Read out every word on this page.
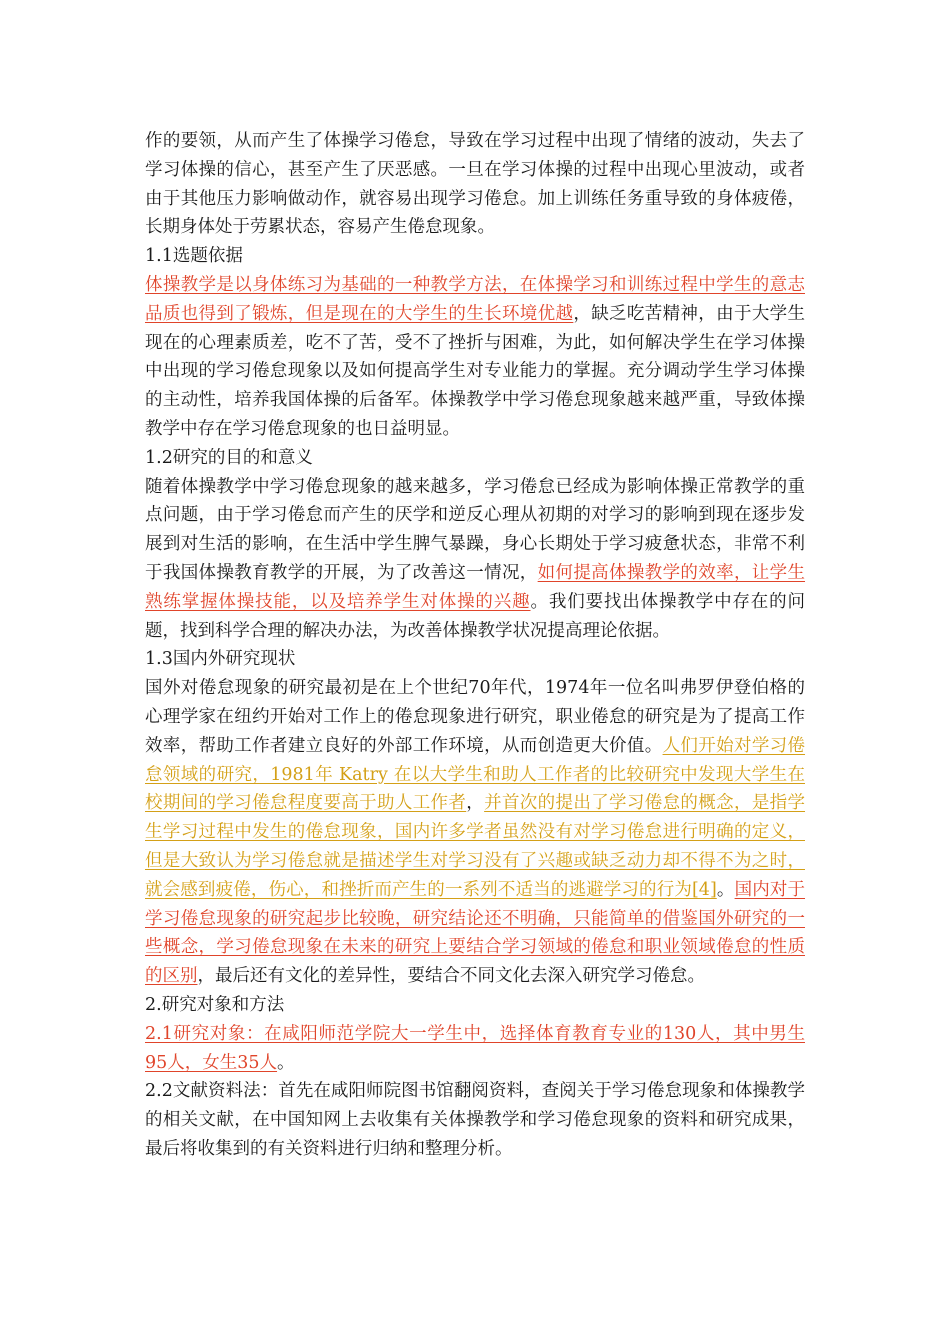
作的要领，从而产生了体操学习倦怠，导致在学习过程中出现了情绪的波动，失去了学习体操的信心，甚至产生了厌恶感。一旦在学习体操的过程中出现心里波动，或者由于其他压力影响做动作，就容易出现学习倦怠。加上训练任务重导致的身体疲倦，长期身体处于劳累状态，容易产生倦怠现象。

1.1选题依据

体操教学是以身体练习为基础的一种教学方法，在体操学习和训练过程中学生的意志品质也得到了锻炼，但是现在的大学生的生长环境优越，缺乏吃苦精神，由于大学生现在的心理素质差，吃不了苦，受不了挫折与困难，为此，如何解决学生在学习体操中出现的学习倦怠现象以及如何提高学生对专业能力的掌握。充分调动学生学习体操的主动性，培养我国体操的后备军。体操教学中学习倦怠现象越来越严重，导致体操教学中存在学习倦怠现象的也日益明显。

1.2研究的目的和意义

随着体操教学中学习倦怠现象的越来越多，学习倦怠已经成为影响体操正常教学的重点问题，由于学习倦怠而产生的厌学和逆反心理从初期的对学习的影响到现在逐步发展到对生活的影响，在生活中学生脾气暴躁，身心长期处于学习疲惫状态，非常不利于我国体操教育教学的开展，为了改善这一情况，如何提高体操教学的效率，让学生熟练掌握体操技能，以及培养学生对体操的兴趣。我们要找出体操教学中存在的问题，找到科学合理的解决办法，为改善体操教学状况提高理论依据。

1.3国内外研究现状

国外对倦怠现象的研究最初是在上个世纪70年代，1974年一位名叫弗罗伊登伯格的心理学家在纽约开始对工作上的倦怠现象进行研究，职业倦怠的研究是为了提高工作效率，帮助工作者建立良好的外部工作环境，从而创造更大价值。人们开始对学习倦怠领域的研究，1981年 Katry 在以大学生和助人工作者的比较研究中发现大学生在校期间的学习倦怠程度要高于助人工作者，并首次的提出了学习倦怠的概念，是指学生学习过程中发生的倦怠现象，国内许多学者虽然没有对学习倦怠进行明确的定义，但是大致认为学习倦怠就是描述学生对学习没有了兴趣或缺乏动力却不得不为之时，就会感到疲倦，伤心，和挫折而产生的一系列不适当的逃避学习的行为[4]。国内对于学习倦怠现象的研究起步比较晚，研究结论还不明确，只能简单的借鉴国外研究的一些概念，学习倦怠现象在未来的研究上要结合学习领域的倦怠和职业领域倦怠的性质的区别，最后还有文化的差异性，要结合不同文化去深入研究学习倦怠。

2.研究对象和方法

2.1研究对象：在咸阳师范学院大一学生中，选择体育教育专业的130人，其中男生95人，女生35人。

2.2文献资料法：首先在咸阳师院图书馆翻阅资料，查阅关于学习倦怠现象和体操教学的相关文献，在中国知网上去收集有关体操教学和学习倦怠现象的资料和研究成果，最后将收集到的有关资料进行归纳和整理分析。
